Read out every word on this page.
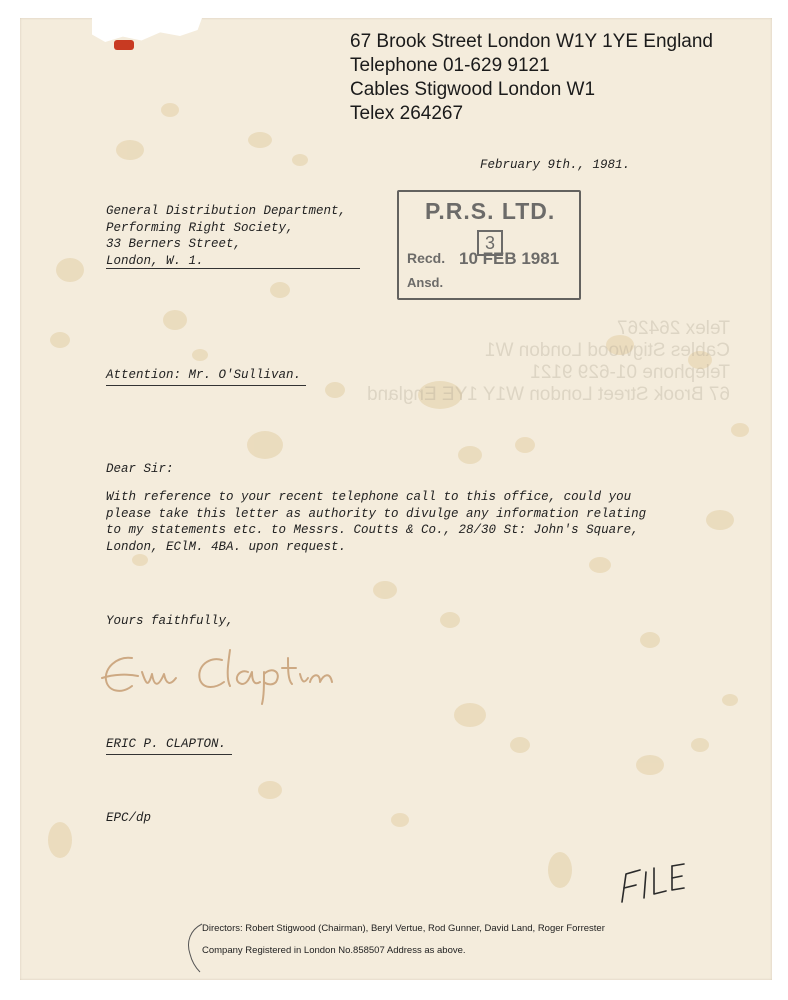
67 Brook Street London W1Y 1YE England
Telephone 01-629 9121
Cables Stigwood London W1
Telex 264267
February 9th., 1981.
General Distribution Department,
Performing Right Society,
33 Berners Street,
London, W. 1.
P.R.S. LTD.
3
Recd. 10 FEB 1981
Ansd.
Telex 264267
Cables Stigwood London W1
Telephone 01-629 9121
67 Brook Street London W1Y 1YE England
Attention: Mr. O'Sullivan.
Dear Sir:
With reference to your recent telephone call to this office, could you
please take this letter as authority to divulge any information relating
to my statements etc. to Messrs. Coutts & Co., 28/30 St: John's Square,
London, EClM. 4BA. upon request.
Yours faithfully,
ERIC P. CLAPTON.
EPC/dp
Directors: Robert Stigwood (Chairman), Beryl Vertue, Rod Gunner, David Land, Roger Forrester
Company Registered in London No.858507 Address as above.
